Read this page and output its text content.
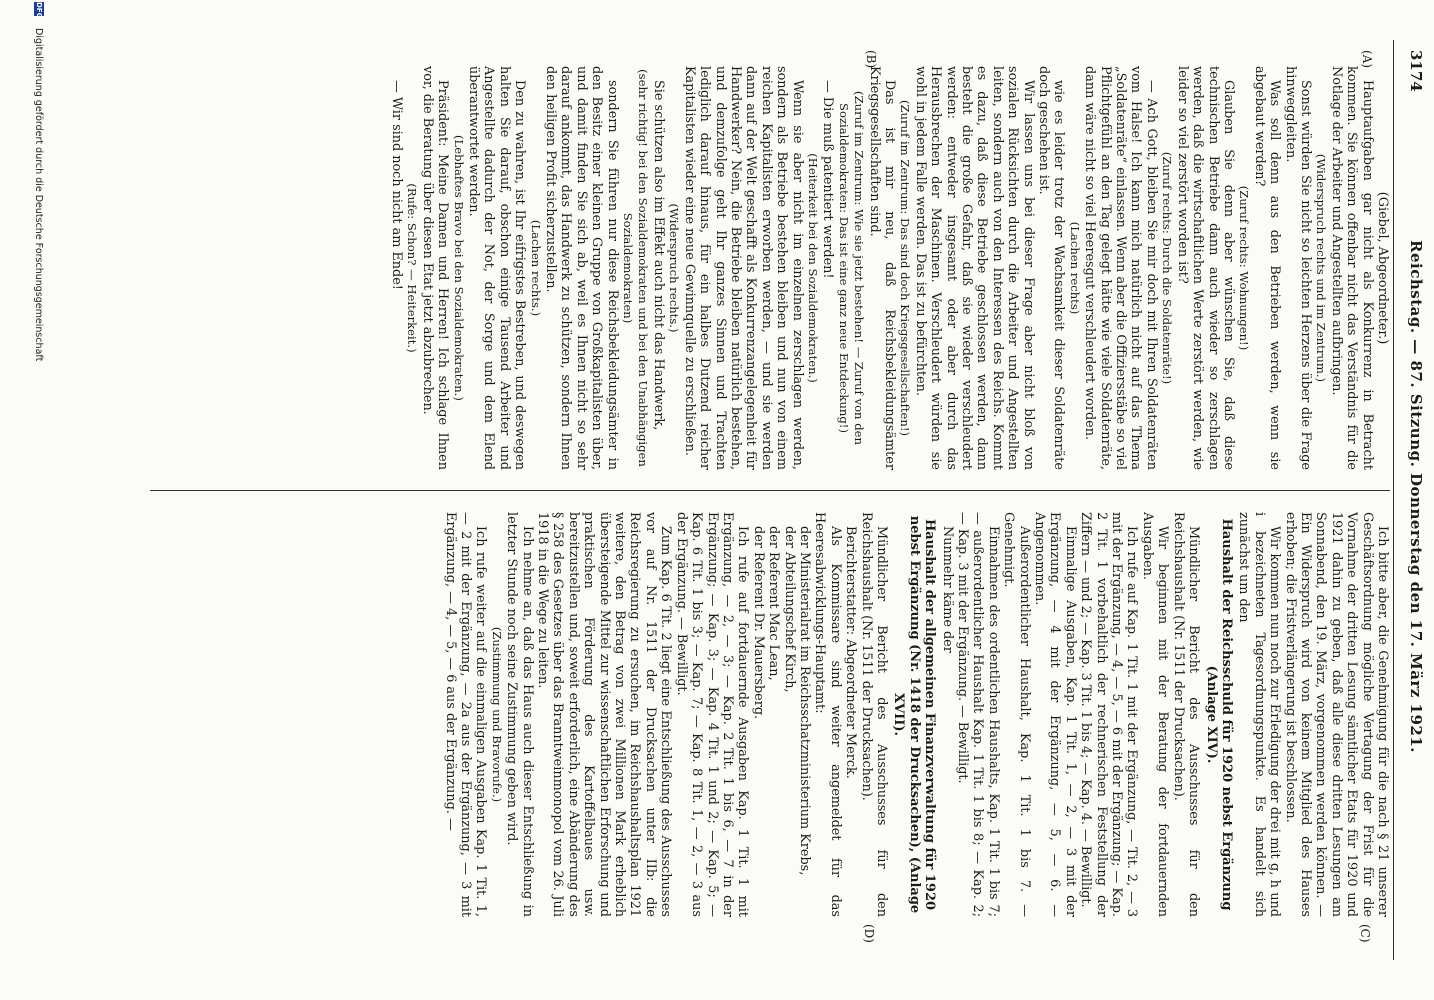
3174
Reichstag. — 87. Sitzung. Donnerstag den 17. März 1921.
(A)
(B)
(C)
(D)

(Giebel, Abgeordneter.)

Hauptaufgaben gar nicht als Konkurrenz in Betracht kommen. Sie können offenbar nicht das Verständnis für die Notlage der Arbeiter und Angestellten aufbringen.

(Widerspruch rechts und im Zentrum.)

Sonst würden Sie nicht so leichten Herzens über die Frage hinweggleiten.

Was soll denn aus den Betrieben werden, wenn sie abgebaut werden?

(Zuruf rechts: Wohnungen!)

Glauben Sie denn aber wünschen Sie, daß diese technischen Betriebe dann auch wieder so zerschlagen werden, daß die wirtschaftlichen Werte zerstört werden, wie leider so viel zerstört worden ist?

(Zuruf rechts: Durch die Soldatenräte!)

— Ach Gott, bleiben Sie mir doch mit Ihren Soldatenräten vom Halse! Ich kann mich natürlich nicht auf das Thema „Soldatenräte“ einlassen. Wenn aber die Offiziersstäbe so viel Pflichtgefühl an den Tag gelegt hätte wie viele Soldatenräte, dann wäre nicht so viel Heeresgut verschleudert worden.

(Lachen rechts)

wie es leider trotz der Wachsamkeit dieser Soldatenräte doch geschehen ist.

Wir lassen uns bei dieser Frage aber nicht bloß von sozialen Rücksichten durch die Arbeiter und Angestellten leiten, sondern auch von den Interessen des Reichs. Kommt es dazu, daß diese Betriebe geschlossen werden, dann besteht die große Gefahr, daß sie wieder verschleudert werden: entweder insgesamt oder aber durch das Herausbrechen der Maschinen. Verschleudert würden sie wohl in jedem Falle werden. Das ist zu befürchten.

(Zuruf im Zentrum: Das sind doch Kriegsgesellschaften!)

Das ist mir neu, daß Reichsbekleidungsämter Kriegsgesellschaften sind.

(Zuruf im Zentrum: Wie sie jetzt bestehen! — Zuruf von den Sozialdemokraten: Das ist eine ganz neue Entdeckung!)

— Die muß patentiert werden!

(Heiterkeit bei den Sozialdemokraten.)

Wenn sie aber nicht im einzelnen zerschlagen werden, sondern als Betriebe bestehen bleiben und nun von einem reichen Kapitalisten erworben werden, — und sie werden dann auf der Welt geschafft als Konkurrenzangelegenheit für Handwerker? Nein, die Betriebe bleiben natürlich bestehen, und demzufolge geht Ihr ganzes Sinnen und Trachten lediglich darauf hinaus, für ein halbes Dutzend reicher Kapitalisten wieder eine neue Gewinnquelle zu erschließen.

(Widerspruch rechts.)

Sie schützen also im Effekt auch nicht das Handwerk,

(sehr richtig! bei den Sozialdemokraten und bei den Unabhängigen Sozialdemokraten)

sondern Sie führen nur diese Reichsbekleidungsämter in den Besitz einer kleinen Gruppe von Großkapitalisten über, und damit finden Sie sich ab, weil es Ihnen nicht so sehr darauf ankommt, das Handwerk zu schützen, sondern Ihnen den heiligen Profit sicherzustellen.

(Lachen rechts.)

Den zu wahren, ist Ihr eifrigstes Bestreben, und deswegen halten Sie darauf, obschon einige Tausend Arbeiter und Angestellte dadurch der Not, der Sorge und dem Elend überantwortet werden.

(Lebhaftes Bravo bei den Sozialdemokraten.)

Präsident: Meine Damen und Herren! Ich schlage Ihnen vor, die Beratung über diesen Etat jetzt abzubrechen.

(Rufe: Schon? — Heiterkeit.)

— Wir sind noch nicht am Ende!

Ich bitte aber, die Genehmigung für die nach § 21 unserer Geschäftsordnung mögliche Vertagung der Frist für die Vornahme der dritten Lesung sämtlicher Etats für 1920 und 1921 dahin zu geben, daß alle diese dritten Lesungen am Sonnabend, den 19. März, vorgenommen werden können. — Ein Widerspruch wird von keinem Mitglied des Hauses erhoben; die Fristverlängerung ist beschlossen.

Wir kommen nun noch zur Erledigung der drei mit g, h und i bezeichneten Tagesordnungspunkte. Es handelt sich zunächst um den

Haushalt der Reichsschuld für 1920 nebst Ergänzung (Anlage XIV).

Mündlicher Bericht des Ausschusses für den Reichshaushalt (Nr. 1511 der Drucksachen).

Wir beginnen mit der Beratung der fortdauernden Ausgaben.

Ich rufe auf Kap. 1 Tit. 1 mit der Ergänzung, — Tit. 2, — 3 mit der Ergänzung, — 4, — 5, — 6 mit der Ergänzung; — Kap. 2 Tit. 1 vorbehaltlich der rechnerischen Feststellung der Ziffern — und 2; — Kap. 3 Tit. 1 bis 4; — Kap. 4. — Bewilligt.

Einmalige Ausgaben, Kap. 1 Tit. 1, — 2, — 3 mit der Ergänzung, — 4 mit der Ergänzung, — 5, — 6. — Angenommen.

Außerordentlicher Haushalt, Kap. 1 Tit. 1 bis 7. — Genehmigt.

Einnahmen des ordentlichen Haushalts, Kap. 1 Tit. 1 bis 7; — außerordentlicher Haushalt Kap. 1 Tit. 1 bis 8; — Kap. 2; — Kap. 3 mit der Ergänzung. — Bewilligt.

Nunmehr käme der

Haushalt der allgemeinen Finanzverwaltung für 1920 nebst Ergänzung (Nr. 1418 der Drucksachen), (Anlage XVII).

Mündlicher Bericht des Ausschusses für den Reichshaushalt (Nr. 1511 der Drucksachen).

Berichterstatter: Abgeordneter Merck.

Als Kommissare sind weiter angemeldet für das Heeresabwicklungs-Hauptamt:

der Ministerialrat im Reichsschatzministerium Krebs,

der Abteilungschef Kirch,

der Referent Mac Lean,

der Referent Dr. Mauersberg.

Ich rufe auf fortdauernde Ausgaben Kap. 1 Tit. 1 mit Ergänzung, — 2, — 3; — Kap. 2 Tit. 1 bis 6, — 7 in der Ergänzung; — Kap. 3; — Kap. 4 Tit. 1 und 2; — Kap. 5; — Kap. 6 Tit. 1 bis 3; — Kap. 7; — Kap. 8 Tit. 1, — 2, — 3 aus der Ergänzung. — Bewilligt.

Zum Kap. 6 Tit. 2 liegt eine Entschließung des Ausschusses vor auf Nr. 1511 der Drucksachen unter IIb: die Reichsregierung zu ersuchen, im Reichshaushaltsplan 1921 weitere, den Betrag von zwei Millionen Mark erheblich übersteigende Mittel zur wissenschaftlichen Erforschung und praktischen Förderung des Kartoffelbaues usw. bereitzustellen und, soweit erforderlich, eine Abänderung des § 258 des Gesetzes über das Branntweinmonopol vom 26. Juli 1918 in die Wege zu leiten.

Ich nehme an, daß das Haus auch dieser Entschließung in letzter Stunde noch seine Zustimmung geben wird.

(Zustimmung und Bravorufe.)

Ich rufe weiter auf die einmaligen Ausgaben Kap. 1 Tit. 1, — 2 mit der Ergänzung, — 2a aus der Ergänzung, — 3 mit Ergänzung, — 4, — 5, — 6 aus der Ergänzung. —

DFG
Digitalisierung gefördert durch die Deutsche Forschungsgemeinschaft
